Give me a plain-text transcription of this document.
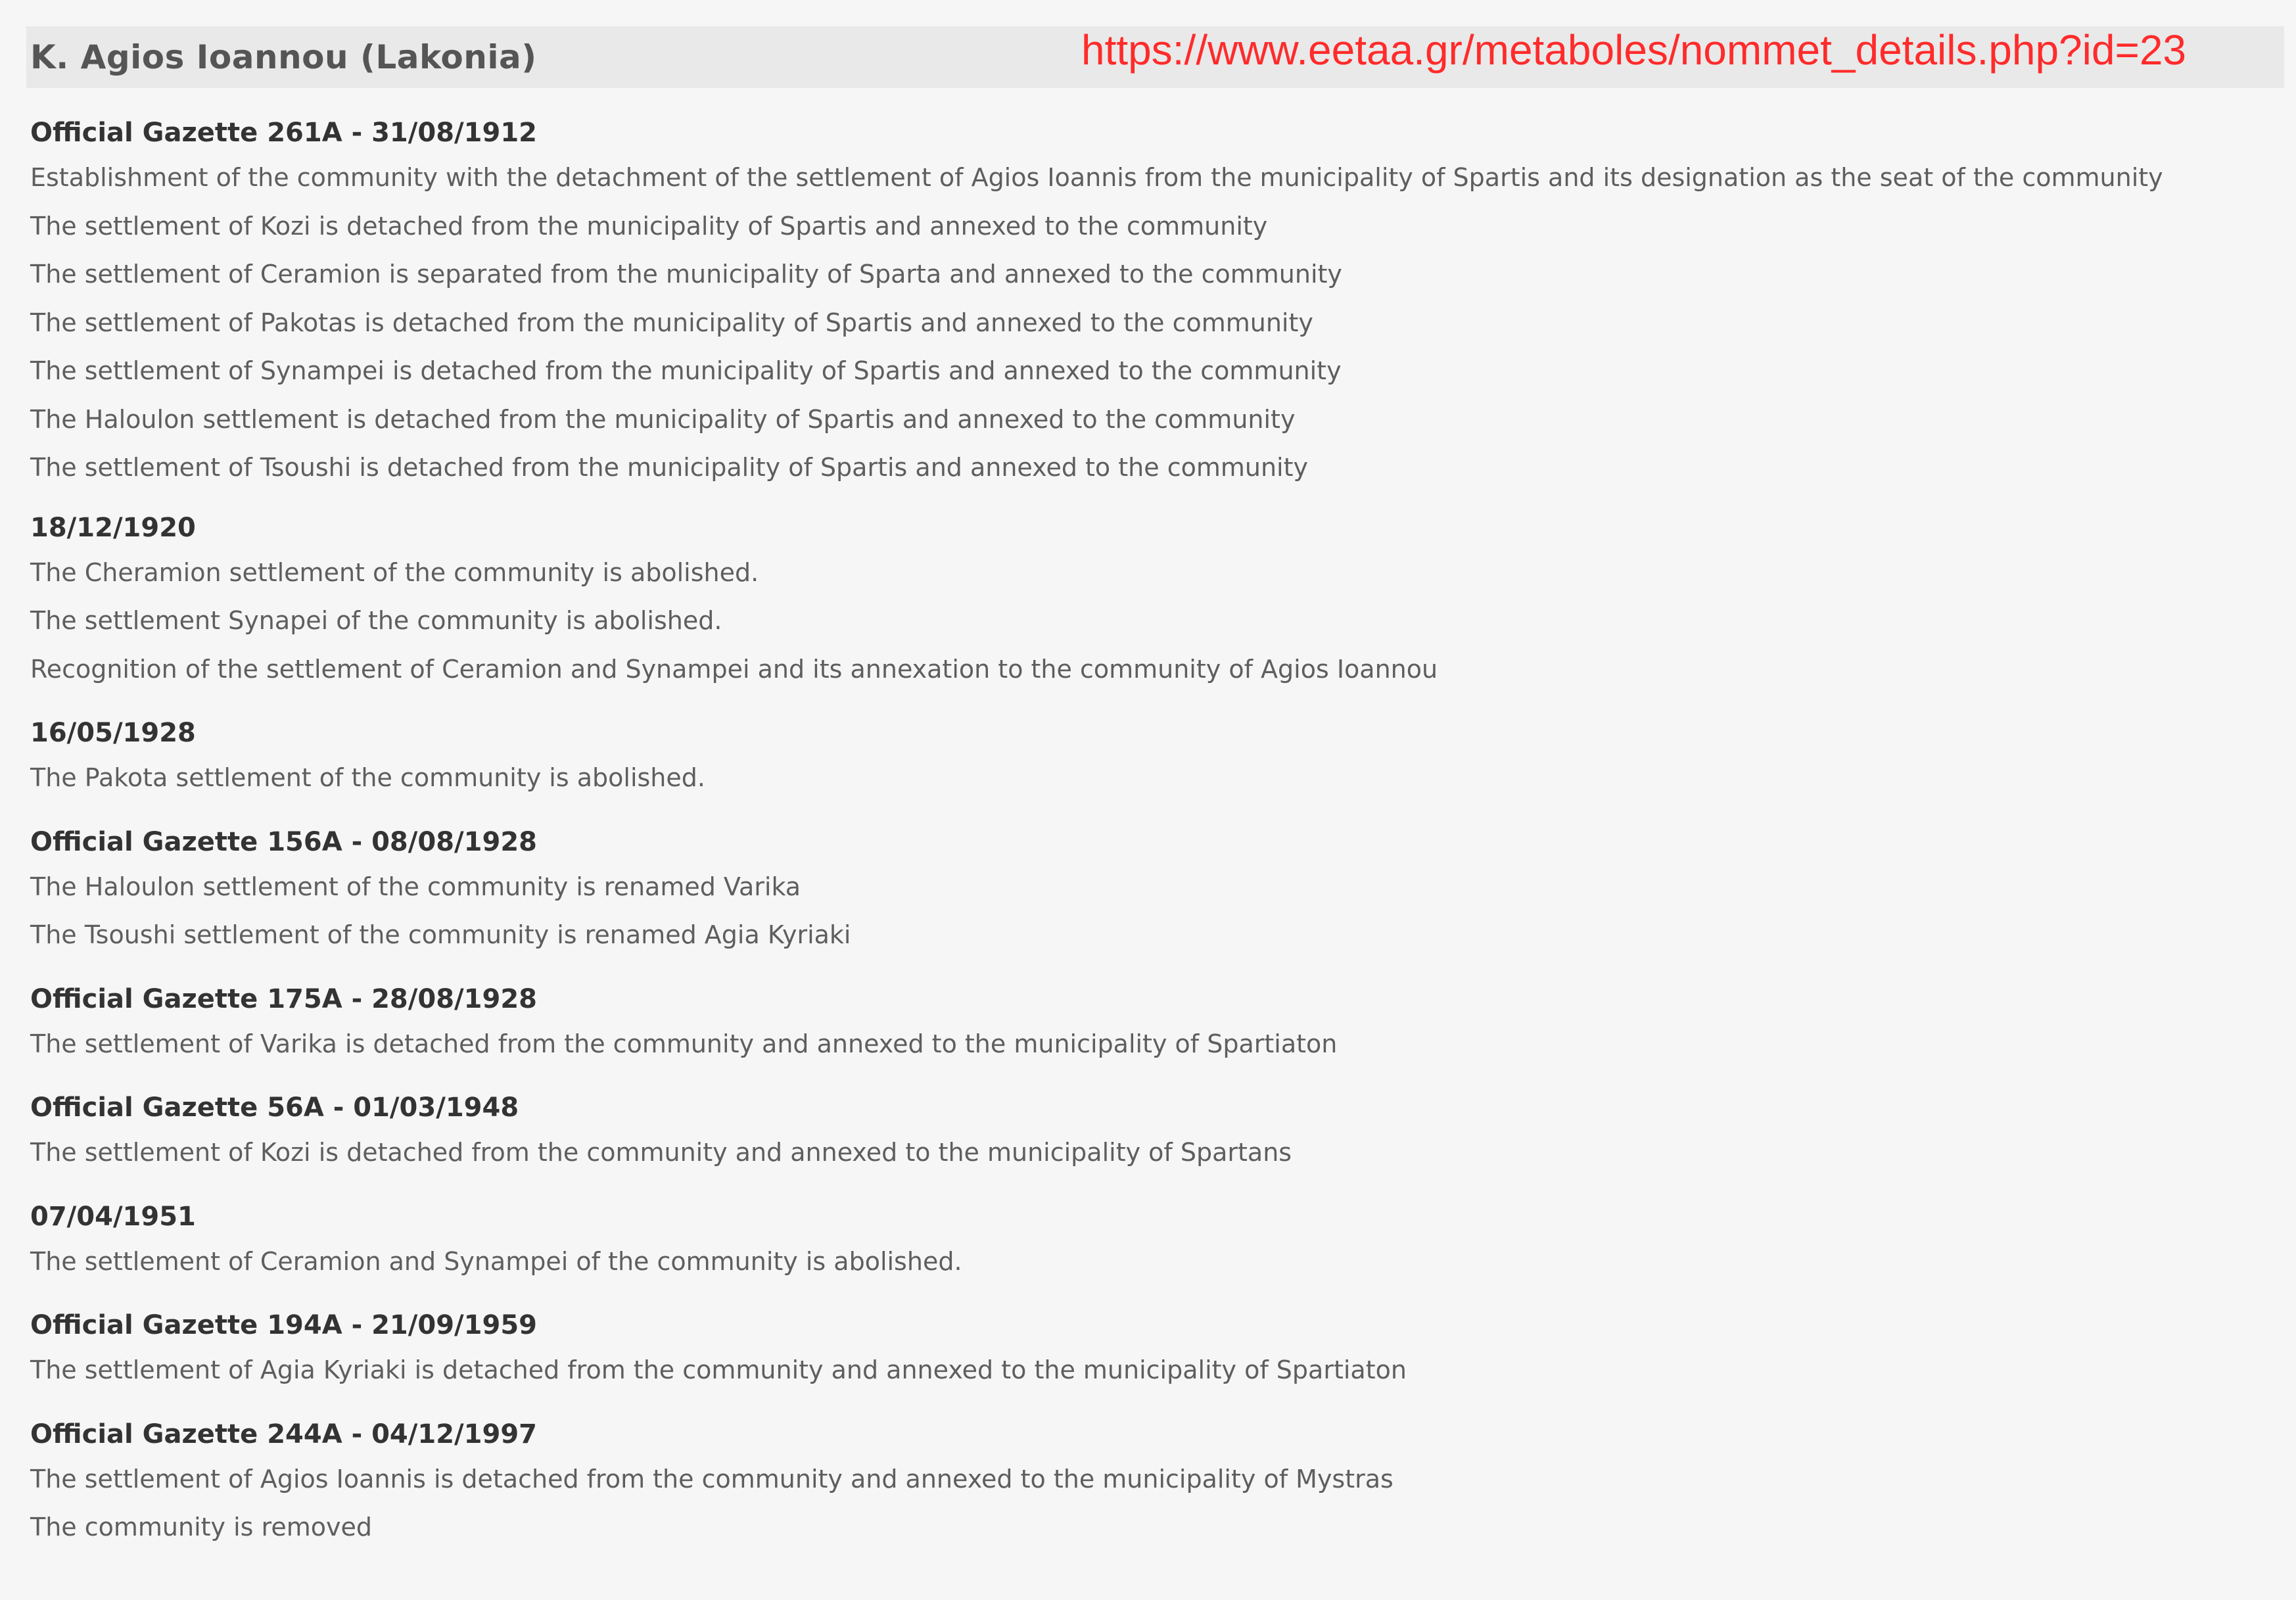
K. Agios Ioannou (Lakonia)	https://www.eetaa.gr/metaboles/nommet_details.php?id=23
Official Gazette 261A - 31/08/1912
Establishment of the community with the detachment of the settlement of Agios Ioannis from the municipality of Spartis and its designation as the seat of the community
The settlement of Kozi is detached from the municipality of Spartis and annexed to the community
The settlement of Ceramion is separated from the municipality of Sparta and annexed to the community
The settlement of Pakotas is detached from the municipality of Spartis and annexed to the community
The settlement of Synampei is detached from the municipality of Spartis and annexed to the community
The Haloulon settlement is detached from the municipality of Spartis and annexed to the community
The settlement of Tsoushi is detached from the municipality of Spartis and annexed to the community
18/12/1920
The Cheramion settlement of the community is abolished.
The settlement Synapei of the community is abolished.
Recognition of the settlement of Ceramion and Synampei and its annexation to the community of Agios Ioannou
16/05/1928
The Pakota settlement of the community is abolished.
Official Gazette 156A - 08/08/1928
The Haloulon settlement of the community is renamed Varika
The Tsoushi settlement of the community is renamed Agia Kyriaki
Official Gazette 175A - 28/08/1928
The settlement of Varika is detached from the community and annexed to the municipality of Spartiaton
Official Gazette 56A - 01/03/1948
The settlement of Kozi is detached from the community and annexed to the municipality of Spartans
07/04/1951
The settlement of Ceramion and Synampei of the community is abolished.
Official Gazette 194A - 21/09/1959
The settlement of Agia Kyriaki is detached from the community and annexed to the municipality of Spartiaton
Official Gazette 244A - 04/12/1997
The settlement of Agios Ioannis is detached from the community and annexed to the municipality of Mystras
The community is removed
